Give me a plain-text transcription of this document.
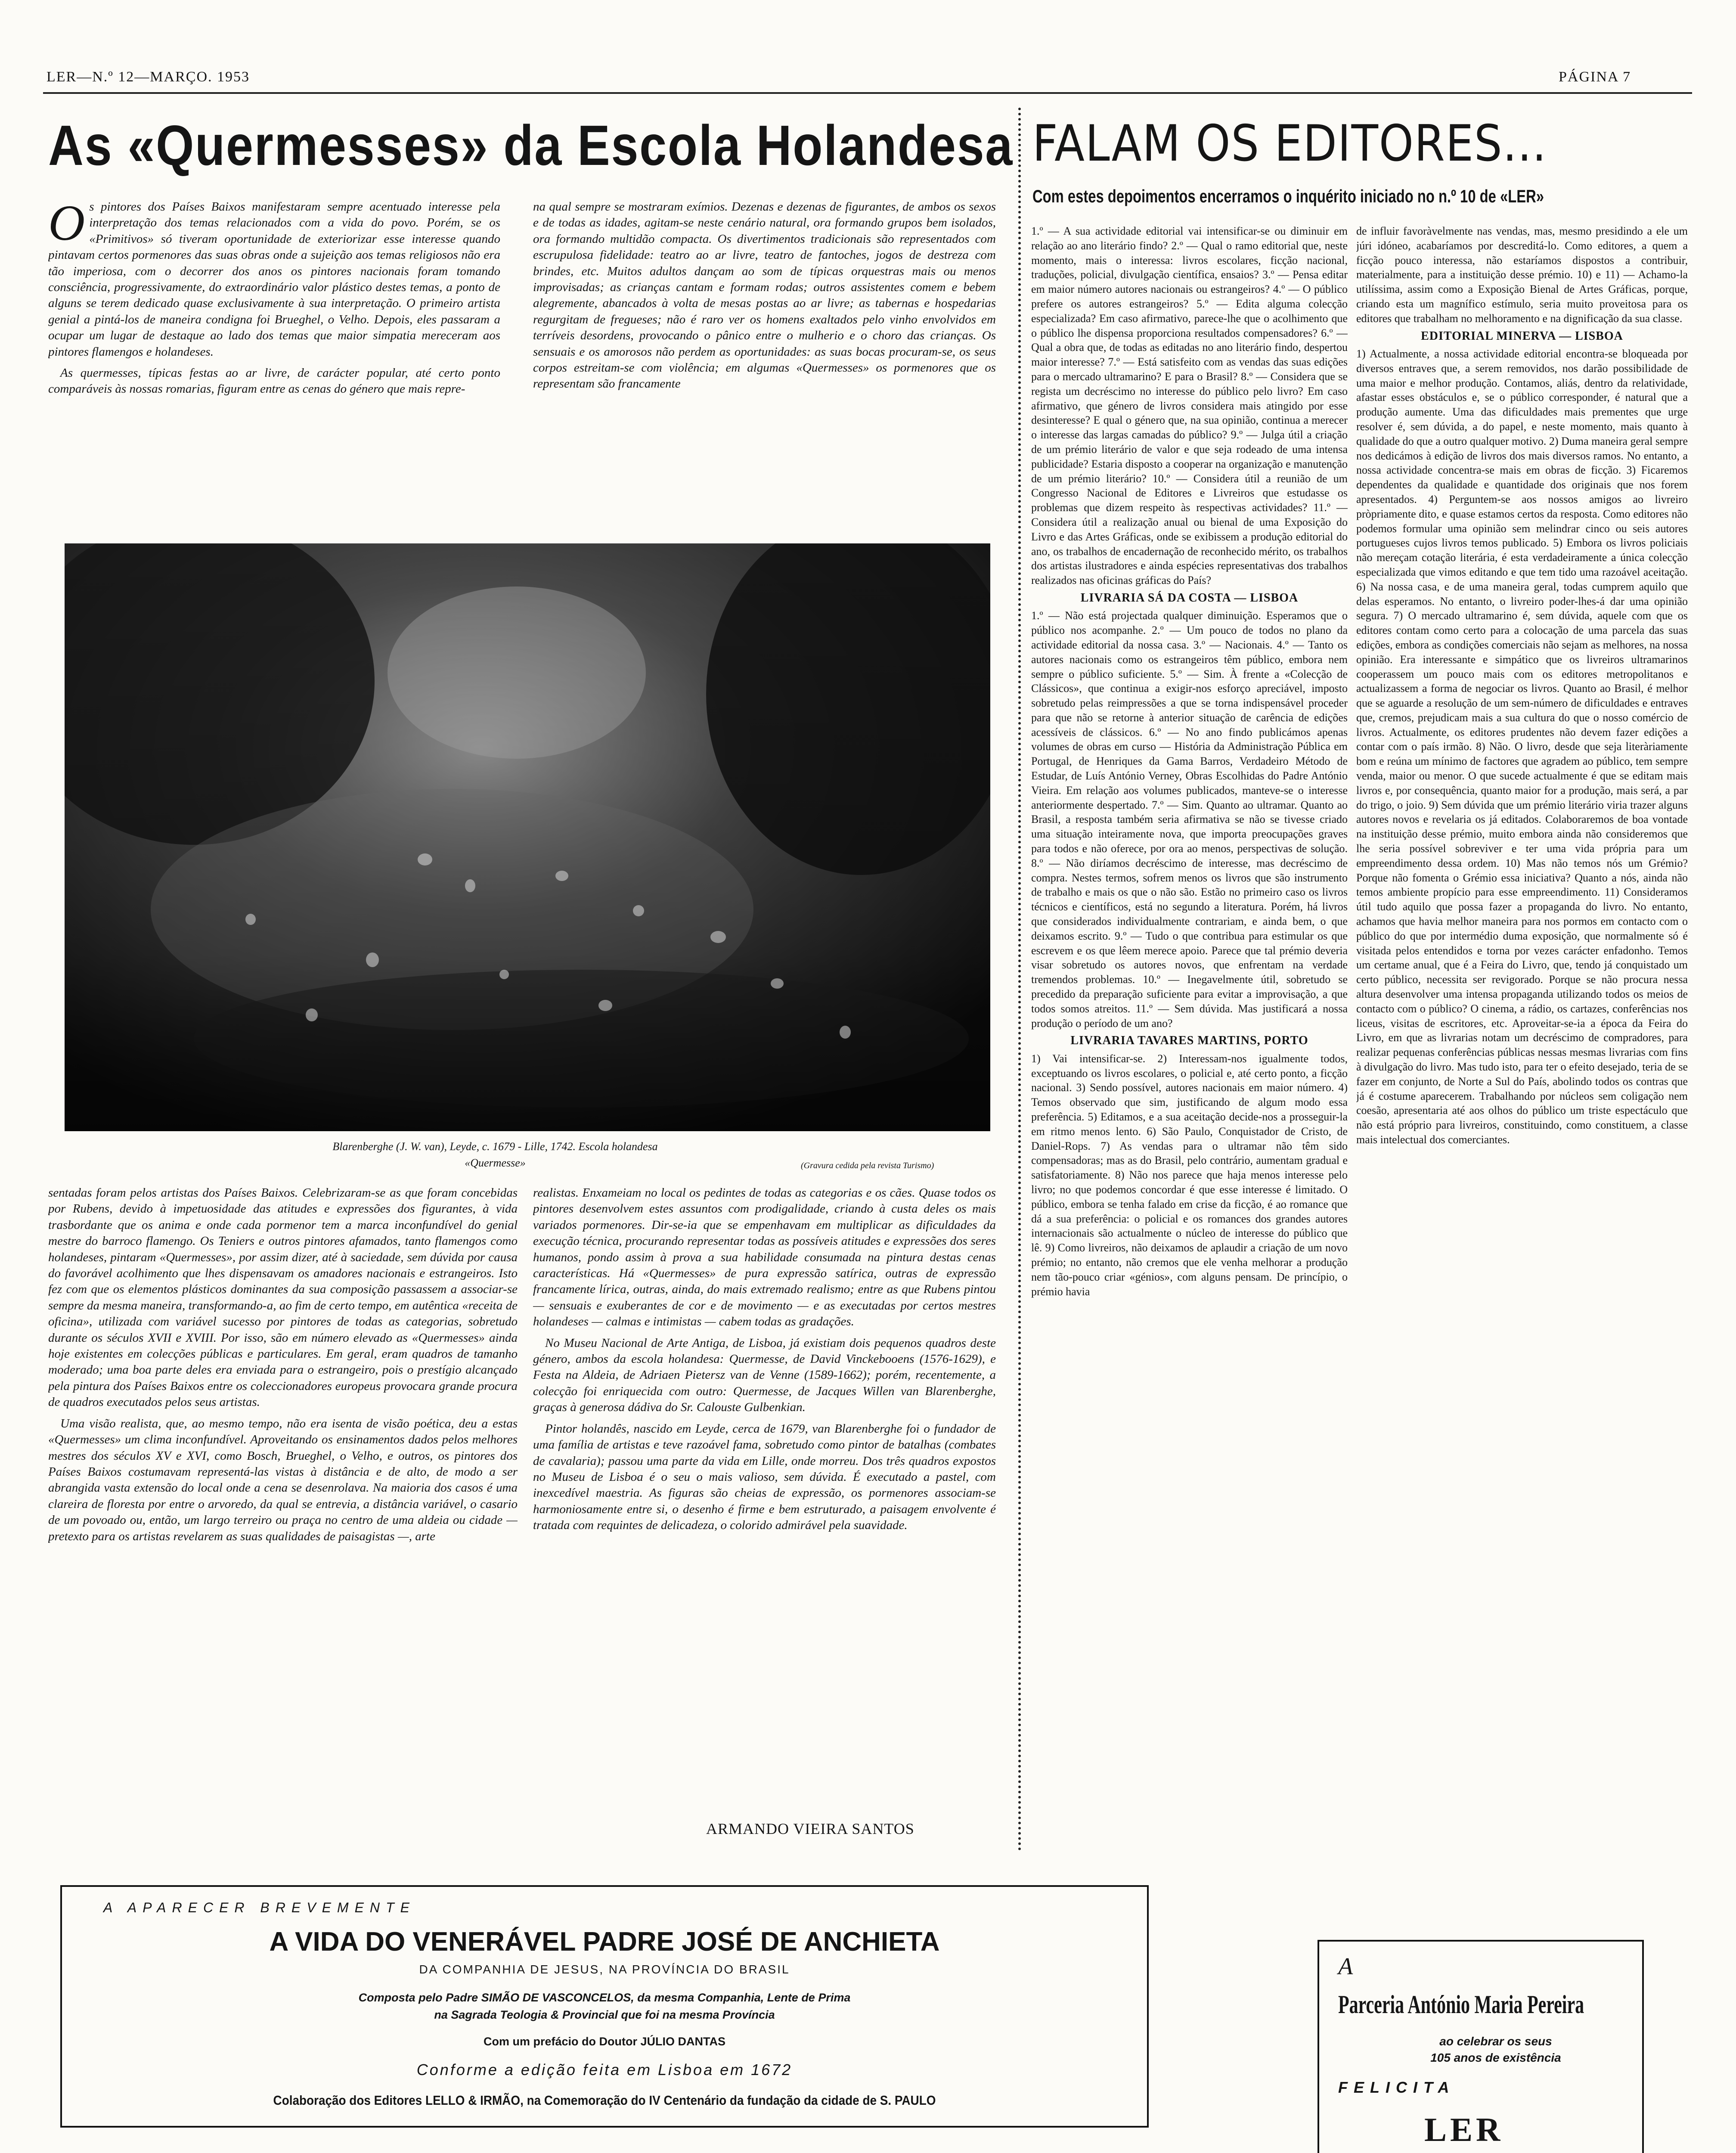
LER—N.º 12—MARÇO. 1953	PÁGINA 7
As «Quermesses» da Escola Holandesa

Os pintores dos Países Baixos manifestaram sempre acentuado interesse pela interpretação dos temas relacionados com a vida do povo. Porém, se os «Primitivos» só tiveram oportunidade de exteriorizar esse interesse quando pintavam certos pormenores das suas obras onde a sujeição aos temas religiosos não era tão imperiosa, com o decorrer dos anos os pintores nacionais foram tomando consciência, progressivamente, do extraordinário valor plástico destes temas, a ponto de alguns se terem dedicado quase exclusivamente à sua interpretação. O primeiro artista genial a pintá-los de maneira condigna foi Brueghel, o Velho. Depois, eles passaram a ocupar um lugar de destaque ao lado dos temas que maior simpatia mereceram aos pintores flamengos e holandeses.

As quermesses, típicas festas ao ar livre, de carácter popular, até certo ponto comparáveis às nossas romarias, figuram entre as cenas do género que mais repre-

na qual sempre se mostraram exímios. Dezenas e dezenas de figurantes, de ambos os sexos e de todas as idades, agitam-se neste cenário natural, ora formando grupos bem isolados, ora formando multidão compacta. Os divertimentos tradicionais são representados com escrupulosa fidelidade: teatro ao ar livre, teatro de fantoches, jogos de destreza com brindes, etc. Muitos adultos dançam ao som de típicas orquestras mais ou menos improvisadas; as crianças cantam e formam rodas; outros assistentes comem e bebem alegremente, abancados à volta de mesas postas ao ar livre; as tabernas e hospedarias regurgitam de fregueses; não é raro ver os homens exaltados pelo vinho envolvidos em terríveis desordens, provocando o pânico entre o mulherio e o choro das crianças. Os sensuais e os amorosos não perdem as oportunidades: as suas bocas procuram-se, os seus corpos estreitam-se com violência; em algumas «Quermesses» os pormenores que os representam são francamente

Blarenberghe (J. W. van), Leyde, c. 1679 - Lille, 1742. Escola holandesa
«Quermesse»	(Gravura cedida pela revista Turismo)

sentadas foram pelos artistas dos Países Baixos. Celebrizaram-se as que foram concebidas por Rubens, devido à impetuosidade das atitudes e expressões dos figurantes, à vida trasbordante que os anima e onde cada pormenor tem a marca inconfundível do genial mestre do barroco flamengo. Os Teniers e outros pintores afamados, tanto flamengos como holandeses, pintaram «Quermesses», por assim dizer, até à saciedade, sem dúvida por causa do favorável acolhimento que lhes dispensavam os amadores nacionais e estrangeiros. Isto fez com que os elementos plásticos dominantes da sua composição passassem a associar-se sempre da mesma maneira, transformando-a, ao fim de certo tempo, em autêntica «receita de oficina», utilizada com variável sucesso por pintores de todas as categorias, sobretudo durante os séculos XVII e XVIII. Por isso, são em número elevado as «Quermesses» ainda hoje existentes em colecções públicas e particulares. Em geral, eram quadros de tamanho moderado; uma boa parte deles era enviada para o estrangeiro, pois o prestígio alcançado pela pintura dos Países Baixos entre os coleccionadores europeus provocara grande procura de quadros executados pelos seus artistas.

Uma visão realista, que, ao mesmo tempo, não era isenta de visão poética, deu a estas «Quermesses» um clima inconfundível. Aproveitando os ensinamentos dados pelos melhores mestres dos séculos XV e XVI, como Bosch, Brueghel, o Velho, e outros, os pintores dos Países Baixos costumavam representá-las vistas à distância e de alto, de modo a ser abrangida vasta extensão do local onde a cena se desenrolava. Na maioria dos casos é uma clareira de floresta por entre o arvoredo, da qual se entrevia, a distância variável, o casario de um povoado ou, então, um largo terreiro ou praça no centro de uma aldeia ou cidade — pretexto para os artistas revelarem as suas qualidades de paisagistas —, arte

realistas. Enxameiam no local os pedintes de todas as categorias e os cães. Quase todos os pintores desenvolvem estes assuntos com prodigalidade, criando à custa deles os mais variados pormenores. Dir-se-ia que se empenhavam em multiplicar as dificuldades da execução técnica, procurando representar todas as possíveis atitudes e expressões dos seres humanos, pondo assim à prova a sua habilidade consumada na pintura destas cenas características. Há «Quermesses» de pura expressão satírica, outras de expressão francamente lírica, outras, ainda, do mais extremado realismo; entre as que Rubens pintou — sensuais e exuberantes de cor e de movimento — e as executadas por certos mestres holandeses — calmas e intimistas — cabem todas as gradações.

No Museu Nacional de Arte Antiga, de Lisboa, já existiam dois pequenos quadros deste género, ambos da escola holandesa: Quermesse, de David Vinckebooens (1576-1629), e Festa na Aldeia, de Adriaen Pietersz van de Venne (1589-1662); porém, recentemente, a colecção foi enriquecida com outro: Quermesse, de Jacques Willen van Blarenberghe, graças à generosa dádiva do Sr. Calouste Gulbenkian.

Pintor holandês, nascido em Leyde, cerca de 1679, van Blarenberghe foi o fundador de uma família de artistas e teve razoável fama, sobretudo como pintor de batalhas (combates de cavalaria); passou uma parte da vida em Lille, onde morreu. Dos três quadros expostos no Museu de Lisboa é o seu o mais valioso, sem dúvida. É executado a pastel, com inexcedível maestria. As figuras são cheias de expressão, os pormenores associam-se harmoniosamente entre si, o desenho é firme e bem estruturado, a paisagem envolvente é tratada com requintes de delicadeza, o colorido admirável pela suavidade.

ARMANDO VIEIRA SANTOS
FALAM OS EDITORES...
Com estes depoimentos encerramos o inquérito iniciado no n.º 10 de «LER»

1.º — A sua actividade editorial vai intensificar-se ou diminuir em relação ao ano literário findo? 2.º — Qual o ramo editorial que, neste momento, mais o interessa: livros escolares, ficção nacional, traduções, policial, divulgação científica, ensaios? 3.º — Pensa editar em maior número autores nacionais ou estrangeiros? 4.º — O público prefere os autores estrangeiros? 5.º — Edita alguma colecção especializada? Em caso afirmativo, parece-lhe que o acolhimento que o público lhe dispensa proporciona resultados compensadores? 6.º — Qual a obra que, de todas as editadas no ano literário findo, despertou maior interesse? 7.º — Está satisfeito com as vendas das suas edições para o mercado ultramarino? E para o Brasil? 8.º — Considera que se regista um decréscimo no interesse do público pelo livro? Em caso afirmativo, que género de livros considera mais atingido por esse desinteresse? E qual o género que, na sua opinião, continua a merecer o interesse das largas camadas do público? 9.º — Julga útil a criação de um prémio literário de valor e que seja rodeado de uma intensa publicidade? Estaria disposto a cooperar na organização e manutenção de um prémio literário? 10.º — Considera útil a reunião de um Congresso Nacional de Editores e Livreiros que estudasse os problemas que dizem respeito às respectivas actividades? 11.º — Considera útil a realização anual ou bienal de uma Exposição do Livro e das Artes Gráficas, onde se exibissem a produção editorial do ano, os trabalhos de encadernação de reconhecido mérito, os trabalhos dos artistas ilustradores e ainda espécies representativas dos trabalhos realizados nas oficinas gráficas do País?

LIVRARIA SÁ DA COSTA — LISBOA

1.º — Não está projectada qualquer diminuição. Esperamos que o público nos acompanhe. 2.º — Um pouco de todos no plano da actividade editorial da nossa casa. 3.º — Nacionais. 4.º — Tanto os autores nacionais como os estrangeiros têm público, embora nem sempre o público suficiente. 5.º — Sim. À frente a «Colecção de Clássicos», que continua a exigir-nos esforço apreciável, imposto sobretudo pelas reimpressões a que se torna indispensável proceder para que não se retorne à anterior situação de carência de edições acessíveis de clássicos. 6.º — No ano findo publicámos apenas volumes de obras em curso — História da Administração Pública em Portugal, de Henriques da Gama Barros, Verdadeiro Método de Estudar, de Luís António Verney, Obras Escolhidas do Padre António Vieira. Em relação aos volumes publicados, manteve-se o interesse anteriormente despertado. 7.º — Sim. Quanto ao ultramar. Quanto ao Brasil, a resposta também seria afirmativa se não se tivesse criado uma situação inteiramente nova, que importa preocupações graves para todos e não oferece, por ora ao menos, perspectivas de solução. 8.º — Não diríamos decréscimo de interesse, mas decréscimo de compra. Nestes termos, sofrem menos os livros que são instrumento de trabalho e mais os que o não são. Estão no primeiro caso os livros técnicos e científicos, está no segundo a literatura. Porém, há livros que considerados individualmente contrariam, e ainda bem, o que deixamos escrito. 9.º — Tudo o que contribua para estimular os que escrevem e os que lêem merece apoio. Parece que tal prémio deveria visar sobretudo os autores novos, que enfrentam na verdade tremendos problemas. 10.º — Inegavelmente útil, sobretudo se precedido da preparação suficiente para evitar a improvisação, a que todos somos atreitos. 11.º — Sem dúvida. Mas justificará a nossa produção o período de um ano?

LIVRARIA TAVARES MARTINS, PORTO

1) Vai intensificar-se. 2) Interessam-nos igualmente todos, exceptuando os livros escolares, o policial e, até certo ponto, a ficção nacional. 3) Sendo possível, autores nacionais em maior número. 4) Temos observado que sim, justificando de algum modo essa preferência. 5) Editamos, e a sua aceitação decide-nos a prosseguir-la em ritmo menos lento. 6) São Paulo, Conquistador de Cristo, de Daniel-Rops. 7) As vendas para o ultramar não têm sido compensadoras; mas as do Brasil, pelo contrário, aumentam gradual e satisfatoriamente. 8) Não nos parece que haja menos interesse pelo livro; no que podemos concordar é que esse interesse é limitado. O público, embora se tenha falado em crise da ficção, é ao romance que dá a sua preferência: o policial e os romances dos grandes autores internacionais são actualmente o núcleo de interesse do público que lê. 9) Como livreiros, não deixamos de aplaudir a criação de um novo prémio; no entanto, não cremos que ele venha melhorar a produção nem tão-pouco criar «génios», com alguns pensam. De princípio, o prémio havia

de influir favoràvelmente nas vendas, mas, mesmo presidindo a ele um júri idóneo, acabaríamos por descreditá-lo. Como editores, a quem a ficção pouco interessa, não estaríamos dispostos a contribuir, materialmente, para a instituição desse prémio. 10) e 11) — Achamo-la utilíssima, assim como a Exposição Bienal de Artes Gráficas, porque, criando esta um magnífico estímulo, seria muito proveitosa para os editores que trabalham no melhoramento e na dignificação da sua classe.

EDITORIAL MINERVA — LISBOA

1) Actualmente, a nossa actividade editorial encontra-se bloqueada por diversos entraves que, a serem removidos, nos darão possibilidade de uma maior e melhor produção. Contamos, aliás, dentro da relatividade, afastar esses obstáculos e, se o público corresponder, é natural que a produção aumente. Uma das dificuldades mais prementes que urge resolver é, sem dúvida, a do papel, e neste momento, mais quanto à qualidade do que a outro qualquer motivo. 2) Duma maneira geral sempre nos dedicámos à edição de livros dos mais diversos ramos. No entanto, a nossa actividade concentra-se mais em obras de ficção. 3) Ficaremos dependentes da qualidade e quantidade dos originais que nos forem apresentados. 4) Perguntem-se aos nossos amigos ao livreiro pròpriamente dito, e quase estamos certos da resposta. Como editores não podemos formular uma opinião sem melindrar cinco ou seis autores portugueses cujos livros temos publicado. 5) Embora os livros policiais não mereçam cotação literária, é esta verdadeiramente a única colecção especializada que vimos editando e que tem tido uma razoável aceitação. 6) Na nossa casa, e de uma maneira geral, todas cumprem aquilo que delas esperamos. No entanto, o livreiro poder-lhes-á dar uma opinião segura. 7) O mercado ultramarino é, sem dúvida, aquele com que os editores contam como certo para a colocação de uma parcela das suas edições, embora as condições comerciais não sejam as melhores, na nossa opinião. Era interessante e simpático que os livreiros ultramarinos cooperassem um pouco mais com os editores metropolitanos e actualizassem a forma de negociar os livros. Quanto ao Brasil, é melhor que se aguarde a resolução de um sem-número de dificuldades e entraves que, cremos, prejudicam mais a sua cultura do que o nosso comércio de livros. Actualmente, os editores prudentes não devem fazer edições a contar com o país irmão. 8) Não. O livro, desde que seja literàriamente bom e reúna um mínimo de factores que agradem ao público, tem sempre venda, maior ou menor. O que sucede actualmente é que se editam mais livros e, por consequência, quanto maior for a produção, mais será, a par do trigo, o joio. 9) Sem dúvida que um prémio literário viria trazer alguns autores novos e revelaria os já editados. Colaboraremos de boa vontade na instituição desse prémio, muito embora ainda não consideremos que lhe seria possível sobreviver e ter uma vida própria para um empreendimento dessa ordem. 10) Mas não temos nós um Grémio? Porque não fomenta o Grémio essa iniciativa? Quanto a nós, ainda não temos ambiente propício para esse empreendimento. 11) Consideramos útil tudo aquilo que possa fazer a propaganda do livro. No entanto, achamos que havia melhor maneira para nos pormos em contacto com o público do que por intermédio duma exposição, que normalmente só é visitada pelos entendidos e torna por vezes carácter enfadonho. Temos um certame anual, que é a Feira do Livro, que, tendo já conquistado um certo público, necessita ser revigorado. Porque se não procura nessa altura desenvolver uma intensa propaganda utilizando todos os meios de contacto com o público? O cinema, a rádio, os cartazes, conferências nos liceus, visitas de escritores, etc. Aproveitar-se-ia a época da Feira do Livro, em que as livrarias notam um decréscimo de compradores, para realizar pequenas conferências públicas nessas mesmas livrarias com fins à divulgação do livro. Mas tudo isto, para ter o efeito desejado, teria de se fazer em conjunto, de Norte a Sul do País, abolindo todos os contras que já é costume aparecerem. Trabalhando por núcleos sem coligação nem coesão, apresentaria até aos olhos do público um triste espectáculo que não está próprio para livreiros, constituindo, como constituem, a classe mais intelectual dos comerciantes.

A APARECER BREVEMENTE
A VIDA DO VENERÁVEL PADRE JOSÉ DE ANCHIETA
DA COMPANHIA DE JESUS, NA PROVÍNCIA DO BRASIL
Composta pelo Padre SIMÃO DE VASCONCELOS, da mesma Companhia, Lente de Prima
na Sagrada Teologia & Provincial que foi na mesma Província
Com um prefácio do Doutor JÚLIO DANTAS
Conforme a edição feita em Lisboa em 1672
Colaboração dos Editores LELLO & IRMÃO, na Comemoração do IV Centenário da fundação da cidade de S. PAULO
A
Parceria António Maria Pereira
ao celebrar os seus
105 anos de existência
FELICITA
LER
